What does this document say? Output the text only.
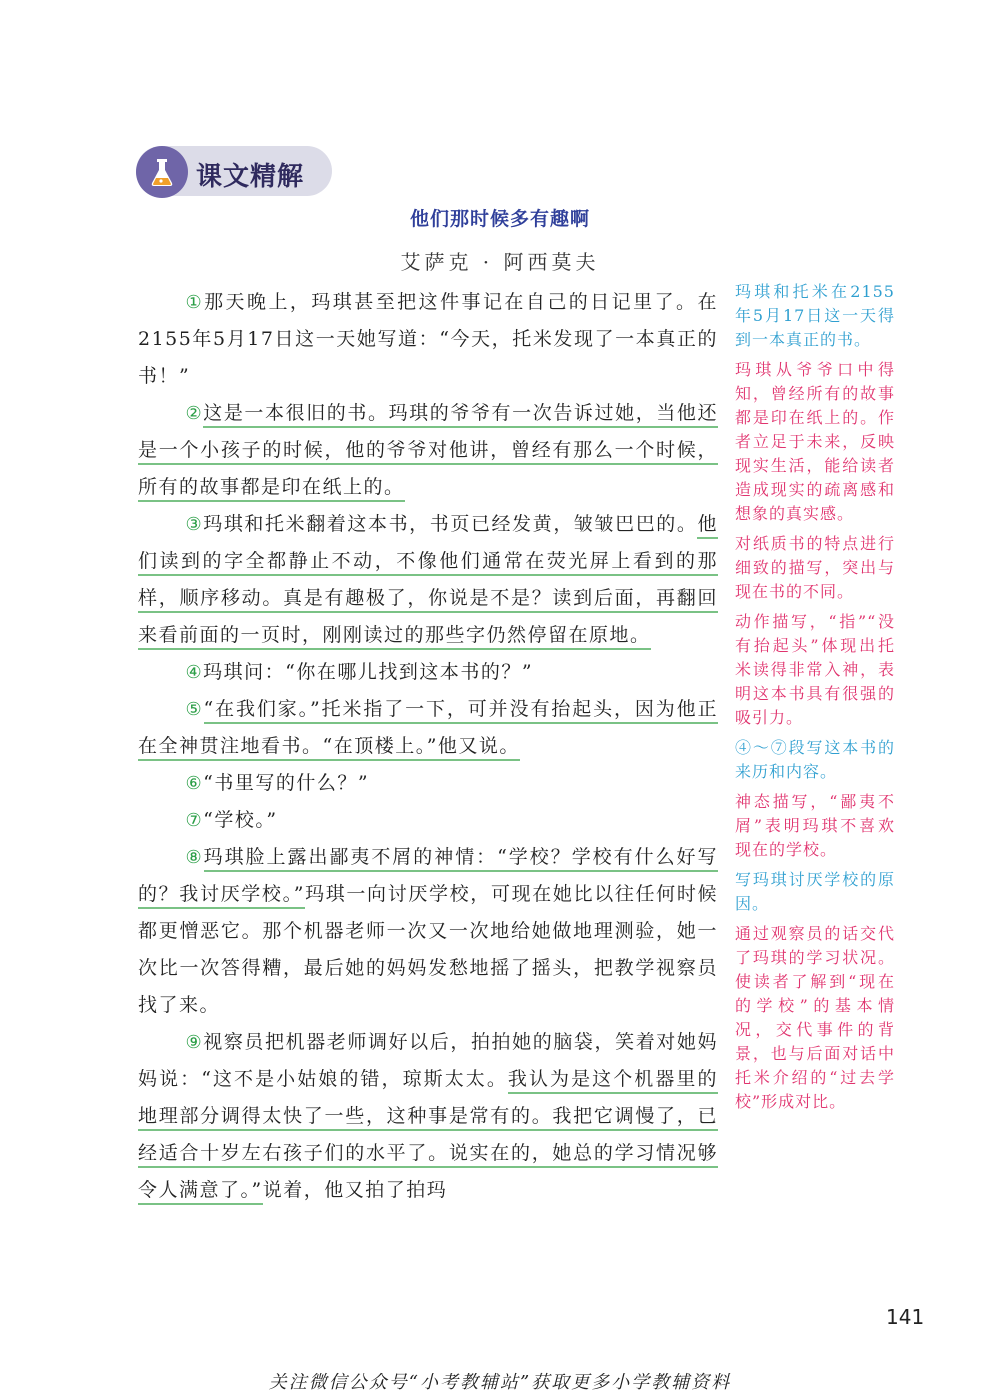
课文精解
他们那时候多有趣啊
艾萨克 · 阿西莫夫

①那天晚上，玛琪甚至把这件事记在自己的日记里了。在2155年5月17日这一天她写道：“今天，托米发现了一本真正的书！”

②这是一本很旧的书。玛琪的爷爷有一次告诉过她，当他还是一个小孩子的时候，他的爷爷对他讲，曾经有那么一个时候，所有的故事都是印在纸上的。

③玛琪和托米翻着这本书，书页已经发黄，皱皱巴巴的。他们读到的字全都静止不动，不像他们通常在荧光屏上看到的那样，顺序移动。真是有趣极了，你说是不是？读到后面，再翻回来看前面的一页时，刚刚读过的那些字仍然停留在原地。

④玛琪问：“你在哪儿找到这本书的？”

⑤“在我们家。”托米指了一下，可并没有抬起头，因为他正在全神贯注地看书。“在顶楼上。”他又说。

⑥“书里写的什么？”

⑦“学校。”

⑧玛琪脸上露出鄙夷不屑的神情：“学校？学校有什么好写的？我讨厌学校。”玛琪一向讨厌学校，可现在她比以往任何时候都更憎恶它。那个机器老师一次又一次地给她做地理测验，她一次比一次答得糟，最后她的妈妈发愁地摇了摇头，把教学视察员找了来。

⑨视察员把机器老师调好以后，拍拍她的脑袋，笑着对她妈妈说：“这不是小姑娘的错，琼斯太太。我认为是这个机器里的地理部分调得太快了一些，这种事是常有的。我把它调慢了，已经适合十岁左右孩子们的水平了。说实在的，她总的学习情况够令人满意了。”说着，他又拍了拍玛

玛琪和托米在2155年5月17日这一天得到一本真正的书。
玛琪从爷爷口中得知，曾经所有的故事都是印在纸上的。作者立足于未来，反映现实生活，能给读者造成现实的疏离感和想象的真实感。
对纸质书的特点进行细致的描写，突出与现在书的不同。
动作描写，“指”“没有抬起头”体现出托米读得非常入神，表明这本书具有很强的吸引力。
④～⑦段写这本书的来历和内容。
神态描写，“鄙夷不屑”表明玛琪不喜欢现在的学校。
写玛琪讨厌学校的原因。
通过观察员的话交代了玛琪的学习状况。使读者了解到“现在的学校”的基本情况，交代事件的背景，也与后面对话中托米介绍的“过去学校”形成对比。
141
关注微信公众号“小考教辅站”获取更多小学教辅资料
